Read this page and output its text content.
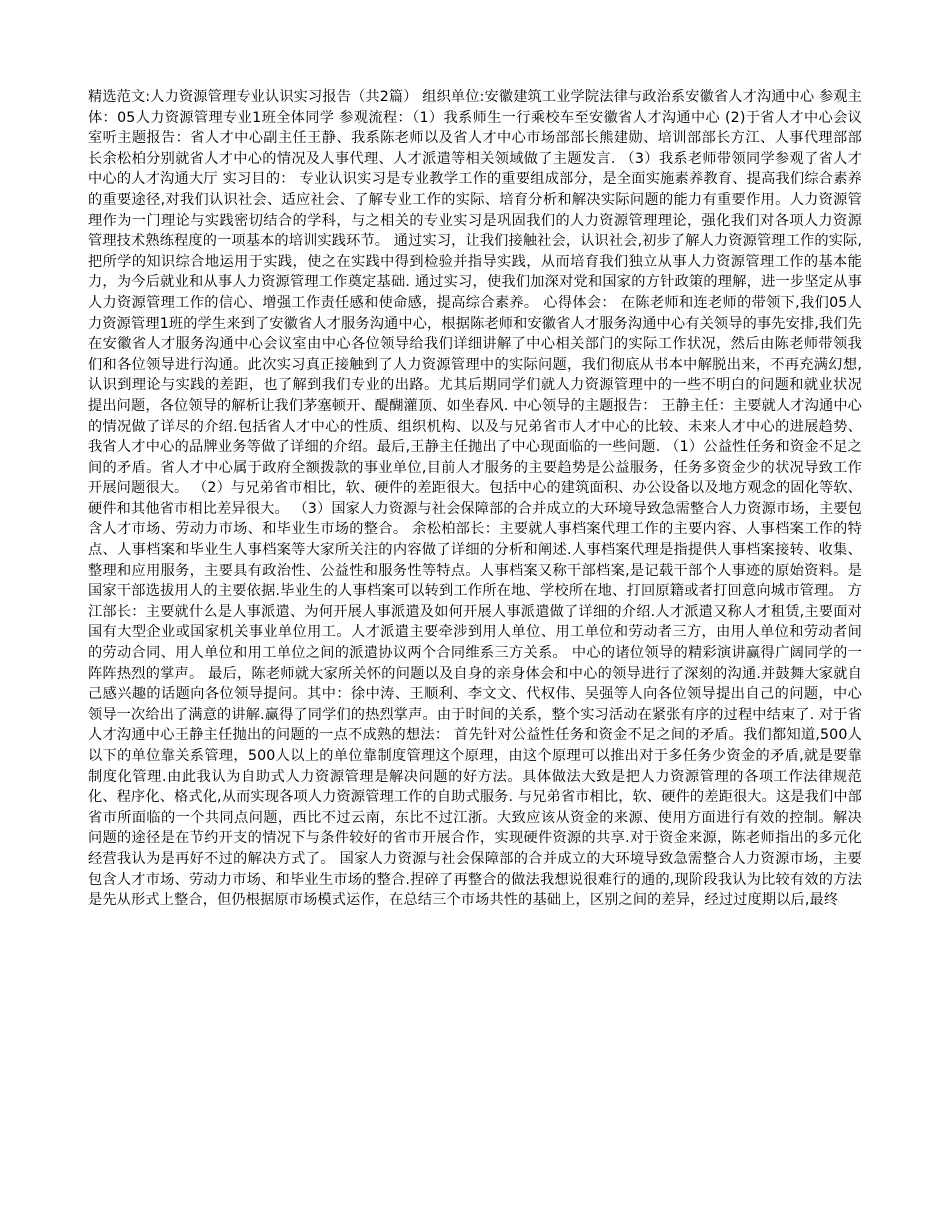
精选范文:人力资源管理专业认识实习报告（共2篇） 组织单位:安徽建筑工业学院法律与政治系安徽省人才沟通中心 参观主体：05人力资源管理专业1班全体同学 参观流程：（1）我系师生一行乘校车至安徽省人才沟通中心 (2)于省人才中心会议室听主题报告：省人才中心副主任王静、我系陈老师以及省人才中心市场部部长熊建勋、培训部部长方江、人事代理部部长余松柏分别就省人才中心的情况及人事代理、人才派遣等相关领域做了主题发言. （3）我系老师带领同学参观了省人才中心的人才沟通大厅 实习目的： 专业认识实习是专业教学工作的重要组成部分，是全面实施素养教育、提高我们综合素养的重要途径,对我们认识社会、适应社会、了解专业工作的实际、培育分析和解决实际问题的能力有重要作用。人力资源管理作为一门理论与实践密切结合的学科，与之相关的专业实习是巩固我们的人力资源管理理论，强化我们对各项人力资源管理技术熟练程度的一项基本的培训实践环节。 通过实习，让我们接触社会，认识社会,初步了解人力资源管理工作的实际,把所学的知识综合地运用于实践，使之在实践中得到检验并指导实践，从而培育我们独立从事人力资源管理工作的基本能力，为今后就业和从事人力资源管理工作奠定基础. 通过实习，使我们加深对党和国家的方针政策的理解，进一步坚定从事人力资源管理工作的信心、增强工作责任感和使命感，提高综合素养。 心得体会： 在陈老师和连老师的带领下,我们05人力资源管理1班的学生来到了安徽省人才服务沟通中心，根据陈老师和安徽省人才服务沟通中心有关领导的事先安排,我们先在安徽省人才服务沟通中心会议室由中心各位领导给我们详细讲解了中心相关部门的实际工作状况，然后由陈老师带领我们和各位领导进行沟通。此次实习真正接触到了人力资源管理中的实际问题，我们彻底从书本中解脱出来，不再充满幻想,认识到理论与实践的差距，也了解到我们专业的出路。尤其后期同学们就人力资源管理中的一些不明白的问题和就业状况提出问题，各位领导的解析让我们茅塞顿开、醍醐灌顶、如坐春风. 中心领导的主题报告： 王静主任：主要就人才沟通中心的情况做了详尽的介绍.包括省人才中心的性质、组织机构、以及与兄弟省市人才中心的比较、未来人才中心的进展趋势、我省人才中心的品牌业务等做了详细的介绍。最后,王静主任抛出了中心现面临的一些问题. （1）公益性任务和资金不足之间的矛盾。省人才中心属于政府全额拨款的事业单位,目前人才服务的主要趋势是公益服务，任务多资金少的状况导致工作开展问题很大。 （2）与兄弟省市相比，软、硬件的差距很大。包括中心的建筑面积、办公设备以及地方观念的固化等软、硬件和其他省市相比差异很大。 （3）国家人力资源与社会保障部的合并成立的大环境导致急需整合人力资源市场，主要包含人才市场、劳动力市场、和毕业生市场的整合。 余松柏部长：主要就人事档案代理工作的主要内容、人事档案工作的特点、人事档案和毕业生人事档案等大家所关注的内容做了详细的分析和阐述.人事档案代理是指提供人事档案接转、收集、整理和应用服务，主要具有政治性、公益性和服务性等特点。人事档案又称干部档案,是记载干部个人事迹的原始资料。是国家干部选拔用人的主要依据.毕业生的人事档案可以转到工作所在地、学校所在地、打回原籍或者打回意向城市管理。 方江部长：主要就什么是人事派遣、为何开展人事派遣及如何开展人事派遣做了详细的介绍.人才派遣又称人才租赁,主要面对国有大型企业或国家机关事业单位用工。人才派遣主要牵涉到用人单位、用工单位和劳动者三方，由用人单位和劳动者间的劳动合同、用人单位和用工单位之间的派遣协议两个合同维系三方关系。 中心的诸位领导的精彩演讲赢得广阔同学的一阵阵热烈的掌声。 最后，陈老师就大家所关怀的问题以及自身的亲身体会和中心的领导进行了深刻的沟通.并鼓舞大家就自己感兴趣的话题向各位领导提问。其中：徐中涛、王顺利、李文文、代权伟、吴强等人向各位领导提出自己的问题，中心领导一次给出了满意的讲解.赢得了同学们的热烈掌声。由于时间的关系，整个实习活动在紧张有序的过程中结束了. 对于省人才沟通中心王静主任抛出的问题的一点不成熟的想法： 首先针对公益性任务和资金不足之间的矛盾。我们都知道,500人以下的单位靠关系管理，500人以上的单位靠制度管理这个原理，由这个原理可以推出对于多任务少资金的矛盾,就是要靠制度化管理.由此我认为自助式人力资源管理是解决问题的好方法。具体做法大致是把人力资源管理的各项工作法律规范化、程序化、格式化,从而实现各项人力资源管理工作的自助式服务. 与兄弟省市相比，软、硬件的差距很大。这是我们中部省市所面临的一个共同点问题，西比不过云南，东比不过江浙。大致应该从资金的来源、使用方面进行有效的控制。解决问题的途径是在节约开支的情况下与条件较好的省市开展合作，实现硬件资源的共享.对于资金来源，陈老师指出的多元化经营我认为是再好不过的解决方式了。 国家人力资源与社会保障部的合并成立的大环境导致急需整合人力资源市场，主要包含人才市场、劳动力市场、和毕业生市场的整合.捏碎了再整合的做法我想说很难行的通的,现阶段我认为比较有效的方法是先从形式上整合，但仍根据原市场模式运作，在总结三个市场共性的基础上，区别之间的差异，经过过度期以后,最终
